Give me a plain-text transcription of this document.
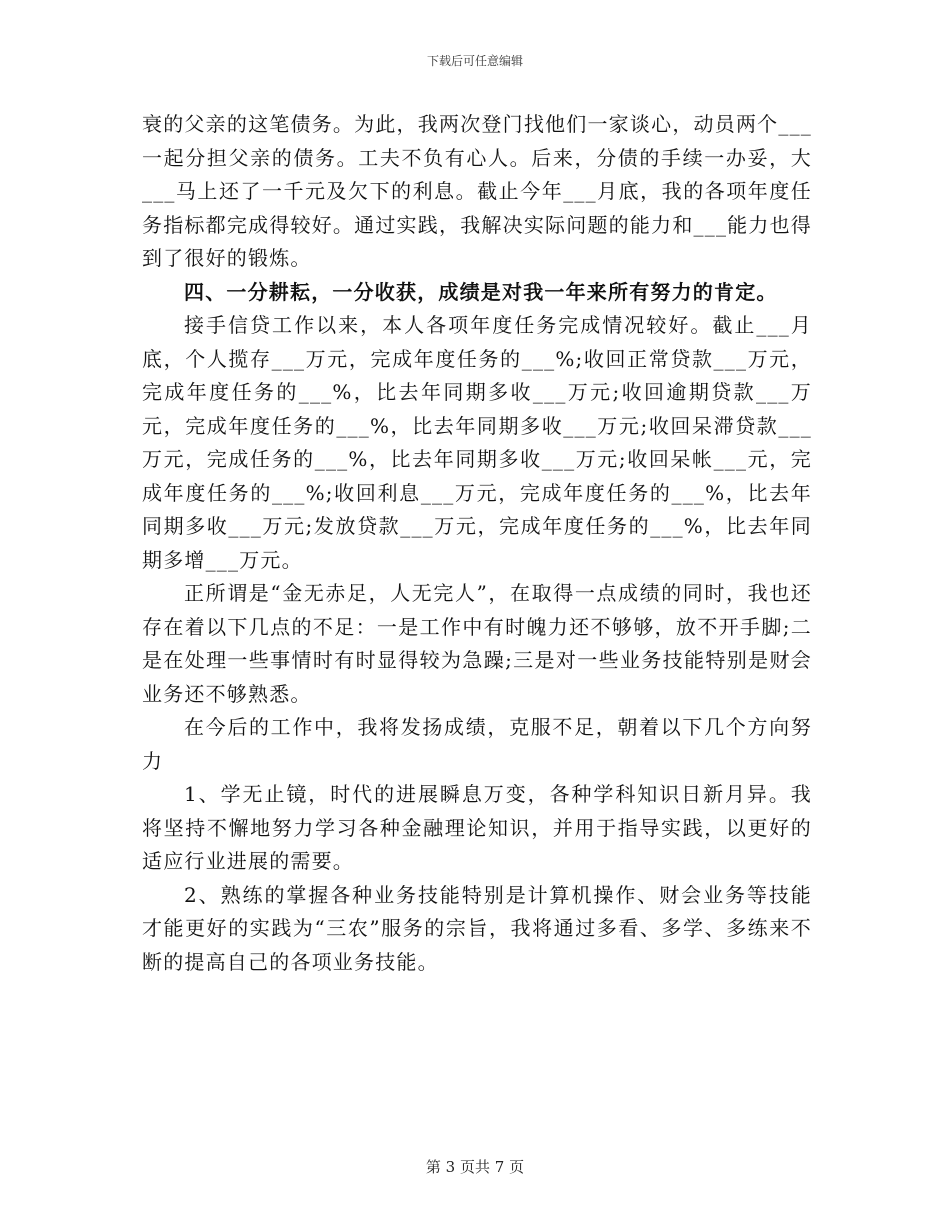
下载后可任意编辑

衰的父亲的这笔债务。为此，我两次登门找他们一家谈心，动员两个___一起分担父亲的债务。工夫不负有心人。后来，分债的手续一办妥，大___马上还了一千元及欠下的利息。截止今年___月底，我的各项年度任务指标都完成得较好。通过实践，我解决实际问题的能力和___能力也得到了很好的锻炼。

四、一分耕耘，一分收获，成绩是对我一年来所有努力的肯定。

接手信贷工作以来，本人各项年度任务完成情况较好。截止___月底，个人揽存___万元，完成年度任务的___%;收回正常贷款___万元，完成年度任务的___%，比去年同期多收___万元;收回逾期贷款___万元，完成年度任务的___%，比去年同期多收___万元;收回呆滞贷款___万元，完成任务的___%，比去年同期多收___万元;收回呆帐___元，完成年度任务的___%;收回利息___万元，完成年度任务的___%，比去年同期多收___万元;发放贷款___万元，完成年度任务的___%，比去年同期多增___万元。

正所谓是“金无赤足，人无完人”，在取得一点成绩的同时，我也还存在着以下几点的不足：一是工作中有时魄力还不够够，放不开手脚;二是在处理一些事情时有时显得较为急躁;三是对一些业务技能特别是财会业务还不够熟悉。

在今后的工作中，我将发扬成绩，克服不足，朝着以下几个方向努力

1、学无止镜，时代的进展瞬息万变，各种学科知识日新月异。我将坚持不懈地努力学习各种金融理论知识，并用于指导实践，以更好的适应行业进展的需要。

2、熟练的掌握各种业务技能特别是计算机操作、财会业务等技能才能更好的实践为“三农”服务的宗旨，我将通过多看、多学、多练来不断的提高自己的各项业务技能。

第 3 页共 7 页
